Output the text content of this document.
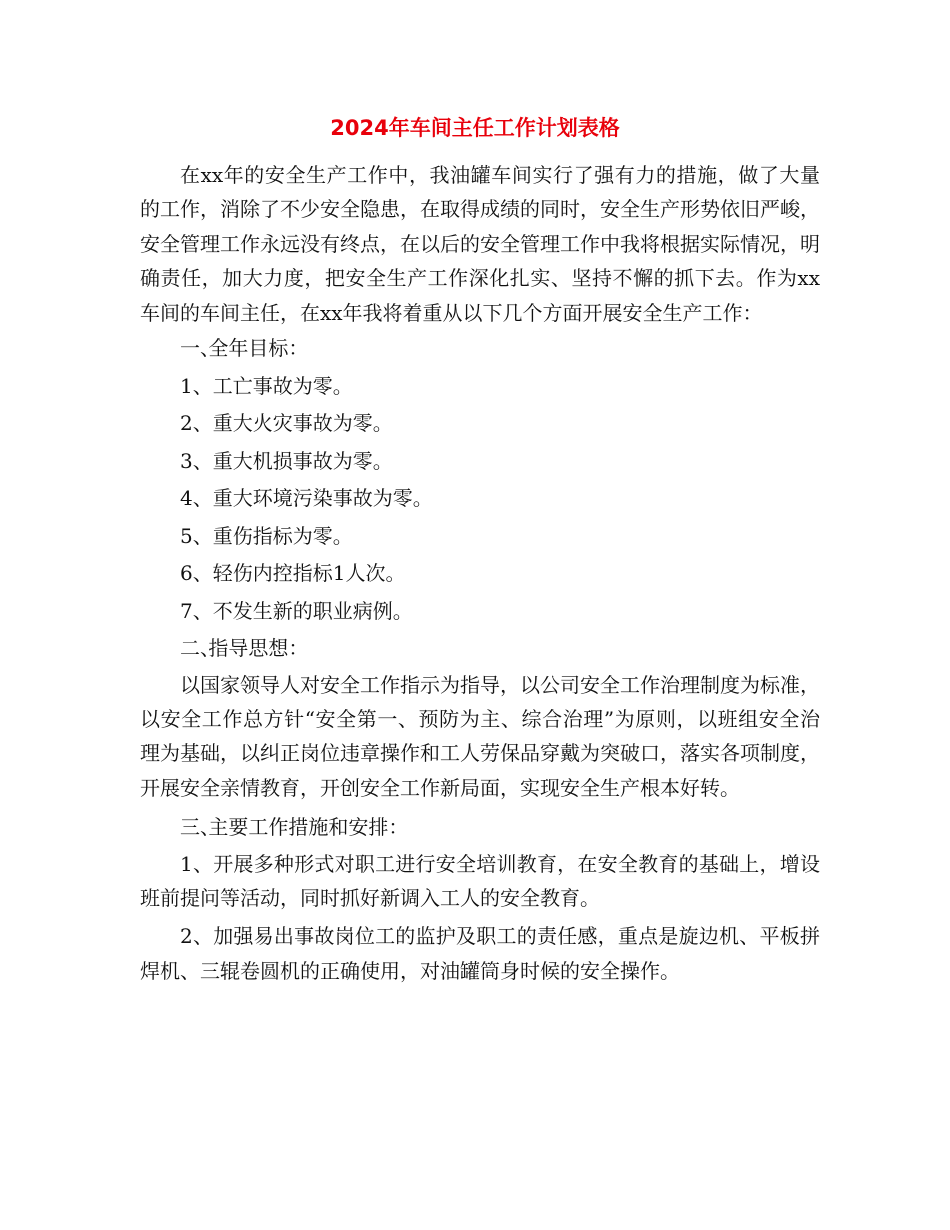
2024年车间主任工作计划表格

在xx年的安全生产工作中，我油罐车间实行了强有力的措施，做了大量的工作，消除了不少安全隐患，在取得成绩的同时，安全生产形势依旧严峻，安全管理工作永远没有终点，在以后的安全管理工作中我将根据实际情况，明确责任，加大力度，把安全生产工作深化扎实、坚持不懈的抓下去。作为xx车间的车间主任，在xx年我将着重从以下几个方面开展安全生产工作：

一、 全年目标：

1、工亡事故为零。

2、重大火灾事故为零。

3、重大机损事故为零。

4、重大环境污染事故为零。

5、重伤指标为零。

6、轻伤内控指标1人次。

7、不发生新的职业病例。

二、 指导思想：

以国家领导人对安全工作指示为指导，以公司安全工作治理制度为标准，以安全工作总方针“安全第一、预防为主、综合治理”为原则，以班组安全治理为基础，以纠正岗位违章操作和工人劳保品穿戴为突破口，落实各项制度，开展安全亲情教育，开创安全工作新局面，实现安全生产根本好转。

三、 主要工作措施和安排：

1、开展多种形式对职工进行安全培训教育，在安全教育的基础上，增设班前提问等活动，同时抓好新调入工人的安全教育。

2、加强易出事故岗位工的监护及职工的责任感，重点是旋边机、平板拼焊机、三辊卷圆机的正确使用，对油罐筒身时候的安全操作。
